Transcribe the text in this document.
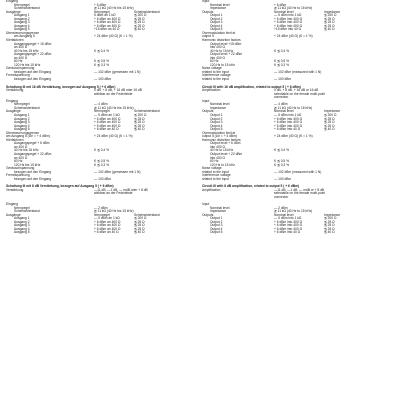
Eingang
Nennpegel	+ 6 dBm
Scheinwiderstand	≧ 11 kΩ (40 Hz bis 15 kHz)
Ausgänge	Nennpegel	Scheinwiderstand
Ausgang 1	5 dBm an 1 kΩ	≦ 200 Ω
Ausgang 2	+ 6 dBm an 400 Ω	≦ 25 Ω
Ausgang 3	+ 6 dBm an 400 Ω	≦ 25 Ω
Ausgang 4	+ 6 dBm an 400 Ω	≦ 25 Ω
Ausgang 5	+15 dBm an 40 Ω	≦ 40 Ω
Übersteuerungsgrenze
am Ausgang 5	+ 24 dBm (40 Ω) (K = 1 %)
Klirrfaktoren
Ausgangspegel + 15 dBm
an 400 Ω
40 Hz bis 15 kHz	K ≦ 0,4 %
Ausgangspegel + 22 dBm
an 400 Ω
60 Hz	K ≦ 0,5 %
120 Hz bis 15 kHz	K ≦ 0,3 %
Geräuschspannung
bezogen auf den Eingang	— 102 dBm (gemessen mit 1 N)
Fremdspannung
bezogen auf den Eingang	— 100 dBm
Schaltung III mit 16 dB Verstärkung, bezogen auf Ausgang 5 ( + 6 dBm)
Verstärkung	0 dB, + 8 dB, + 16 dB oder 16 dB
wählbar an der Federleiste
Eingang
Nennpegel	— 4 dBm
Scheinwiderstand	≧ 11 kΩ (40 Hz bis 15 kHz)
Ausgänge	Nennpegel	Scheinwiderstand
Ausgang 1	— 5 dBm an 1 kΩ	≦ 200 Ω
Ausgang 2	+ 6 dBm an 400 Ω	≦ 25 Ω
Ausgang 3	+ 6 dBm an 400 Ω	≦ 25 Ω
Ausgang 4	+ 6 dBm an 400 Ω	≦ 25 Ω
Ausgang 5	+ 6 dBm an 40 Ω	≦ 40 Ω
Übersteuerungsgrenze
am Ausgang 5 (Ue = + 4 dBm)	+ 24 dBm (40 Ω) (K = 1 %)
Klirrfaktoren
Ausgangspegel + 6 dBm
an 400 Ω
40 Hz bis 15 kHz	K ≦ 0,4 %
Ausgangspegel + 22 dBm
an 400 Ω
60 Hz	K ≦ 0,5 %
120 Hz bis 15 kHz	K ≦ 0,3 %
Geräuschspannung
bezogen auf den Eingang	— 102 dBm (gemessen mit 1 N)
Fremdspannung
bezogen auf den Eingang	— 100 dBm
Schaltung III mit 8 dB Verstärkung, bezogen auf Ausgang 5 ( + 6 dBm)
Verstärkung	—11 dB, —1 dB, — mdB oder + 8 dB
wählbar an der Federleiste
Eingang
Nennpegel	— 2 dBm
Scheinwiderstand	≧ 11 kΩ (40 Hz bis 15 kHz)
Ausgänge	Nennpegel	Scheinwiderstand
Ausgang 1	— 5 dBm an 1 kΩ	≦ 200 Ω
Ausgang 2	+ 6 dBm an 400 Ω	≦ 25 Ω
Ausgang 3	+ 6 dBm an 400 Ω	≦ 25 Ω
Ausgang 4	+ 6 dBm an 400 Ω	≦ 25 Ω
Ausgang 5	+ 6 dBm an 40 Ω	≦ 40 Ω
Input
Nominal level	+ 6 dBm
Impedance	≧ 11 kΩ (40 Hz to 15 kHz)
Outputs	Nominal level	Impedance
Output 1	— 5 dBm into 1 kΩ	≦ 200 Ω
Output 2	+ 6 dBm into 400 Ω	≦ 25 Ω
Output 3	+ 6 dBm into 400 Ω	≦ 25 Ω
Output 4	+ 6 dBm into 400 Ω	≦ 25 Ω
Output 5	+15 dBm into 40 Ω	≦ 40 Ω
Overmodulation limit at
output 5	+ 24 dBm (40 Ω) (K = 1 %)
Harmonic distortion factors
Output level +15 dBm
into 400 Ω
40 Hz to 15 kHz	K ≦ 0,4 %
Output level + 22 dBm
into 400 Ω
60 Hz	K ≦ 0,5 %
120 Hz to 15 kHz	K ≦ 0,3 %
Noise voltage
related to the input	— 102 dBm (measured with 1 N)
Interference voltage
related to the input	— 100 dBm
Circuit III with 16 dB amplification, related to output 5 ( + 6 dBm)
Amplification	0 dB, + 8 dB, + 16 dB or 16 dB
selectable on the female multi-point
connector
Input
Nominal level	— 4 dBm
Impedance	≧ 11 kΩ (40 Hz to 15 kHz)
Outputs	Nominal level	Impedance
Output 1	— 5 dBm into 1 kΩ	≦ 200 Ω
Output 2	+ 6 dBm into 400 Ω	≦ 25 Ω
Output 3	+ 6 dBm into 400 Ω	≦ 25 Ω
Output 4	+ 6 dBm into 400 Ω	≦ 25 Ω
Output 5	+ 6 dBm into 40 Ω	≦ 40 Ω
Overmodulation limit at
output 5 (Ue = + 4 dBm)	+ 24 dBm (40 Ω) (K = 1 %)
Harmonic distortion factors
Output level + 6 dBm
into 400 Ω
40 Hz to 15 kHz	K ≦ 0,4 %
Output level + 22 dBm
into 400 Ω
60 Hz	K ≦ 0,5 %
120 Hz to 15 kHz	K ≦ 0,3 %
Noise voltage
related to the input	— 102 dBm (measured with 1 N)
Interference voltage
related to the input	— 100 dBm
Circuit III with 8 dB amplification, related to output 5 ( + 6 dBm)
Amplification	—11 dB, —1 dB, — mdB or + 8 dB
selectable on the female multi-point
connector
Input
Nominal level	— 2 dBm
Impedance	≧ 11 kΩ (40 Hz to 15 kHz)
Outputs	Nominal level	Impedance
Output 1	— 5 dBm into 1 kΩ	≦ 200 Ω
Output 2	+ 6 dBm into 400 Ω	≦ 25 Ω
Output 3	+ 6 dBm into 400 Ω	≦ 25 Ω
Output 4	+ 6 dBm into 400 Ω	≦ 25 Ω
Output 5	+ 6 dBm into 40 Ω	≦ 40 Ω
